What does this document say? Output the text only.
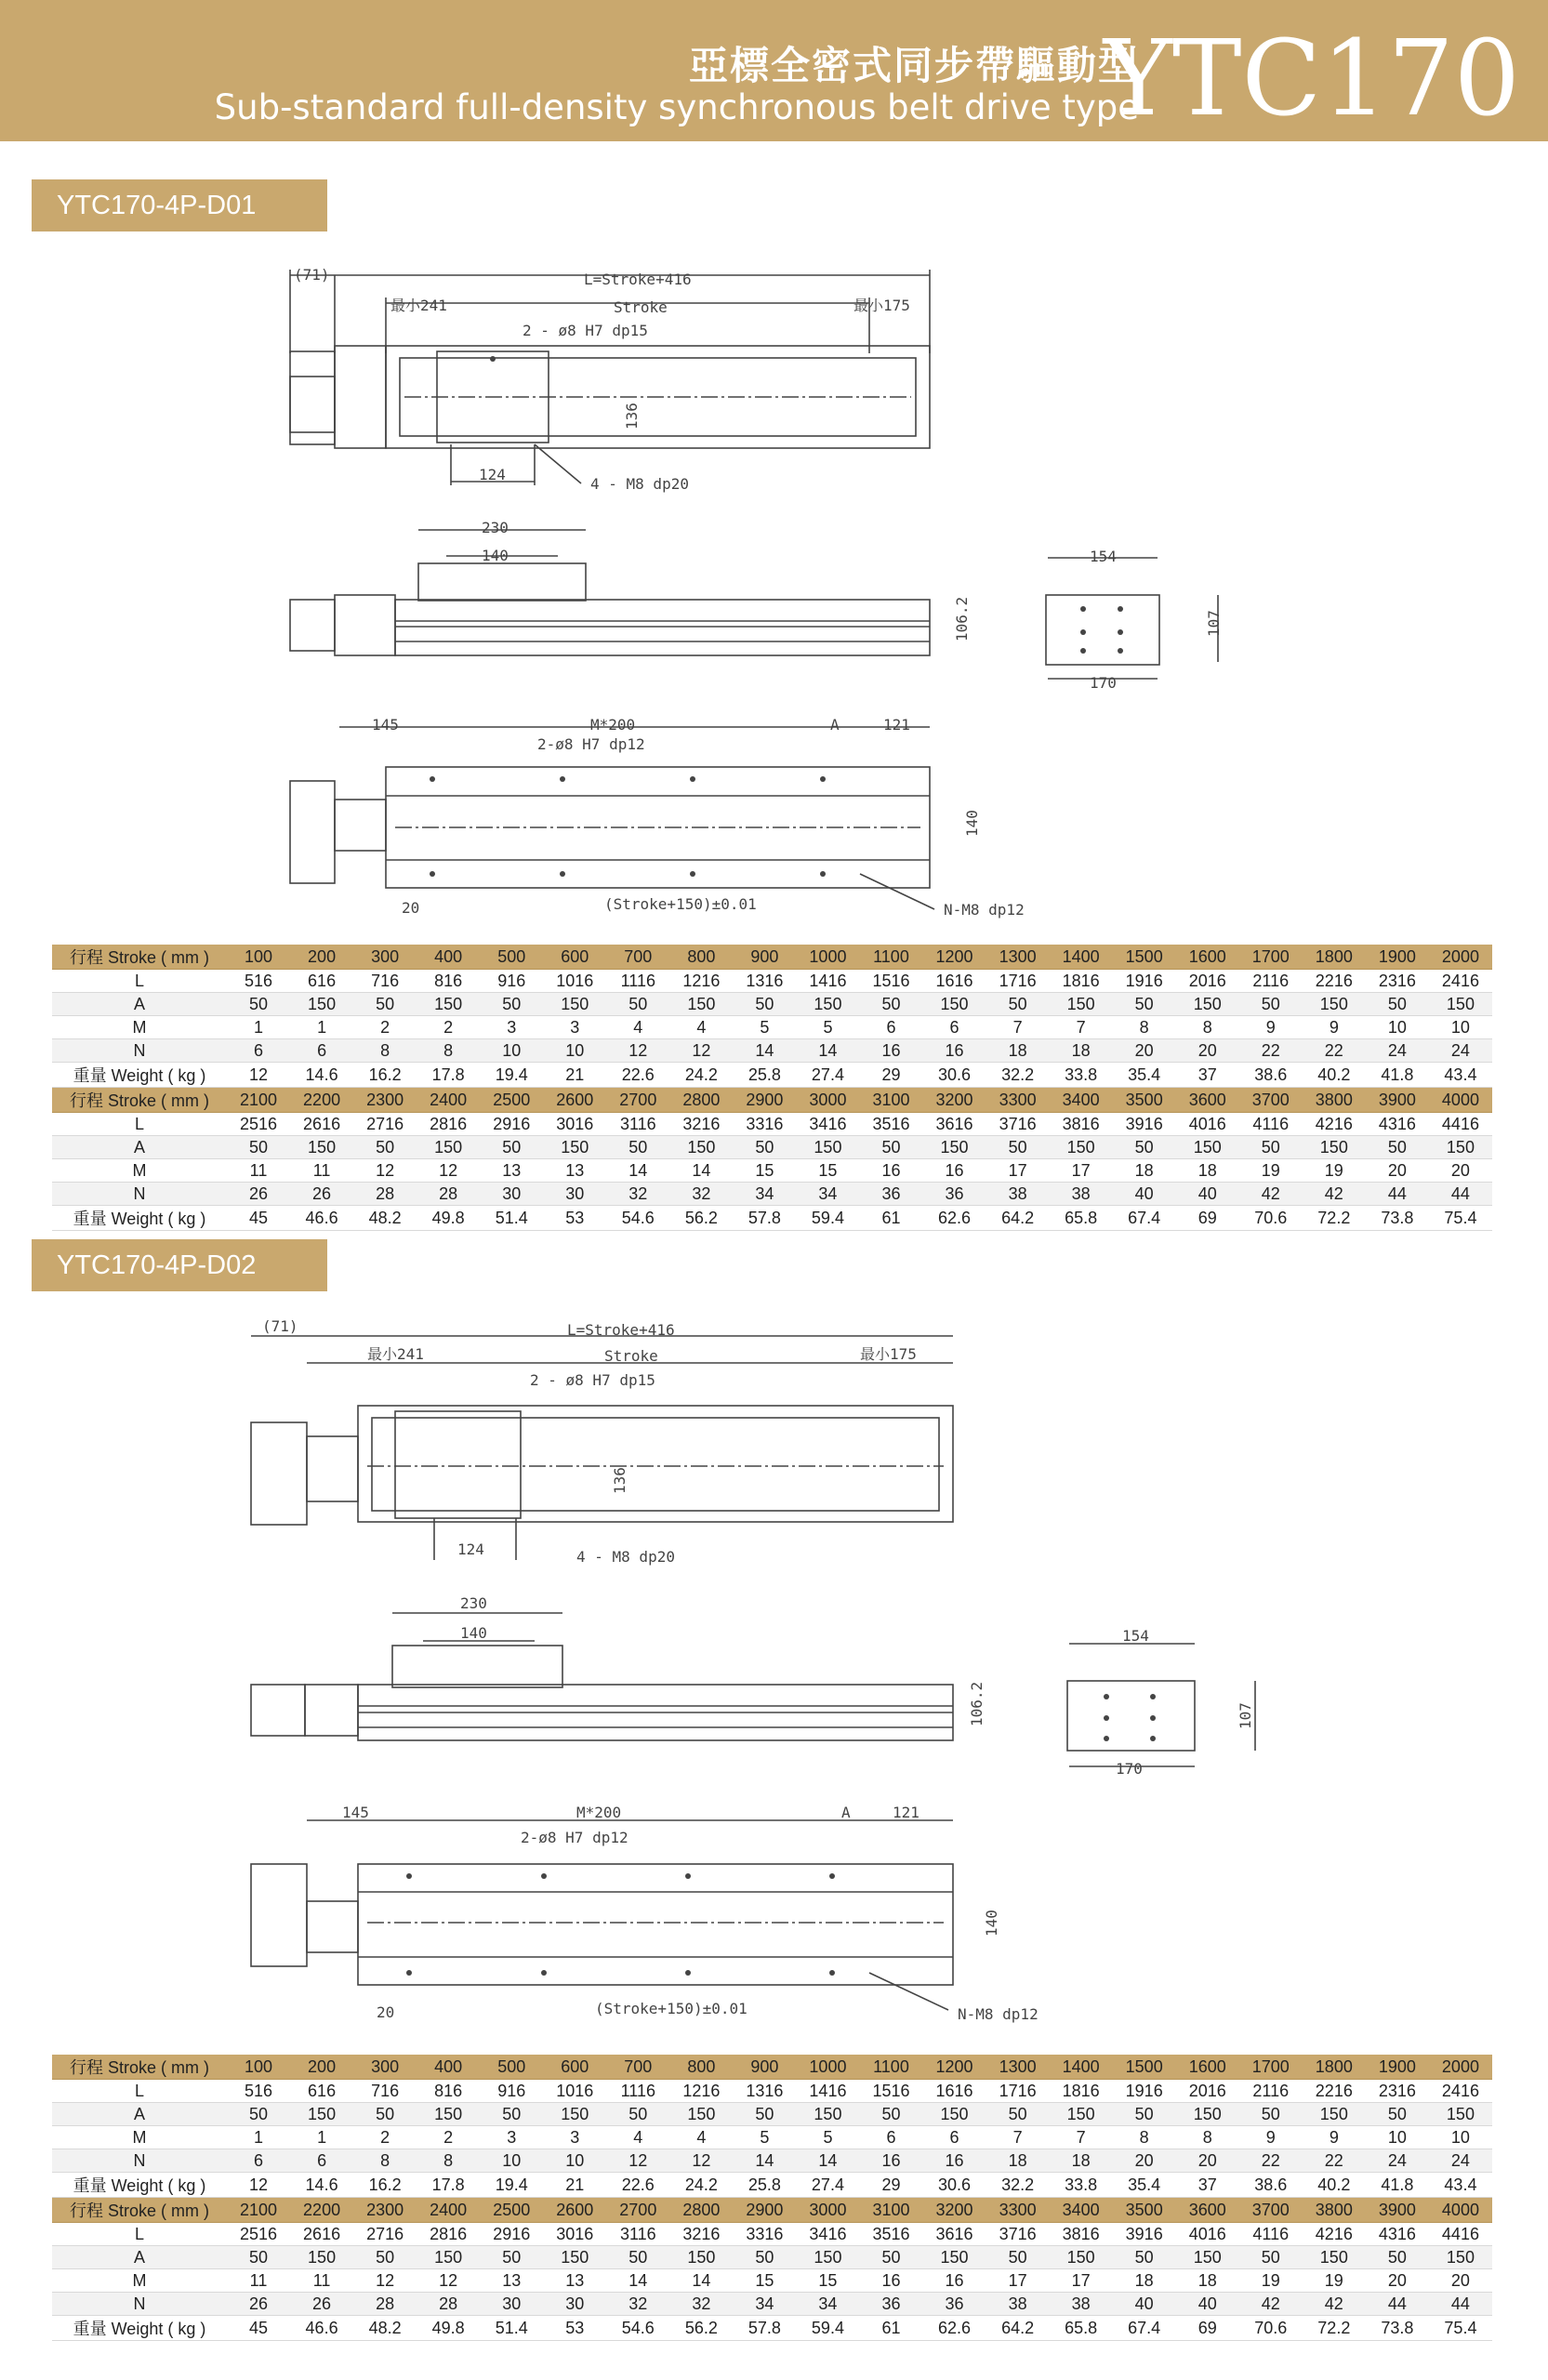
亞標全密式同步帶驅動型
Sub-standard full-density synchronous belt drive type
YTC170
YTC170-4P-D01
(71)	L=Stroke+416
最小241	Stroke	最小175
2 - ø8 H7 dp15
136
124
4 - M8 dp20
230
140
106.2
154
107
170
145	M*200	A	121
2-ø8 H7 dp12
140
20	(Stroke+150)±0.01	N-M8 dp12
行程 Stroke ( mm )	100	200	300	400	500	600	700	800	900	1000	1100	1200	1300	1400	1500	1600	1700	1800	1900	2000
L	516	616	716	816	916	1016	1116	1216	1316	1416	1516	1616	1716	1816	1916	2016	2116	2216	2316	2416
A	50	150	50	150	50	150	50	150	50	150	50	150	50	150	50	150	50	150	50	150
M	1	1	2	2	3	3	4	4	5	5	6	6	7	7	8	8	9	9	10	10
N	6	6	8	8	10	10	12	12	14	14	16	16	18	18	20	20	22	22	24	24
重量 Weight ( kg )	12	14.6	16.2	17.8	19.4	21	22.6	24.2	25.8	27.4	29	30.6	32.2	33.8	35.4	37	38.6	40.2	41.8	43.4
行程 Stroke ( mm )	2100	2200	2300	2400	2500	2600	2700	2800	2900	3000	3100	3200	3300	3400	3500	3600	3700	3800	3900	4000
L	2516	2616	2716	2816	2916	3016	3116	3216	3316	3416	3516	3616	3716	3816	3916	4016	4116	4216	4316	4416
A	50	150	50	150	50	150	50	150	50	150	50	150	50	150	50	150	50	150	50	150
M	11	11	12	12	13	13	14	14	15	15	16	16	17	17	18	18	19	19	20	20
N	26	26	28	28	30	30	32	32	34	34	36	36	38	38	40	40	42	42	44	44
重量 Weight ( kg )	45	46.6	48.2	49.8	51.4	53	54.6	56.2	57.8	59.4	61	62.6	64.2	65.8	67.4	69	70.6	72.2	73.8	75.4
YTC170-4P-D02
(71)	L=Stroke+416
最小241	Stroke	最小175
2 - ø8 H7 dp15
136
124	4 - M8 dp20
230
140
106.2
154
107
170
145	M*200	A	121
2-ø8 H7 dp12
140
20	(Stroke+150)±0.01	N-M8 dp12
行程 Stroke ( mm )	100	200	300	400	500	600	700	800	900	1000	1100	1200	1300	1400	1500	1600	1700	1800	1900	2000
L	516	616	716	816	916	1016	1116	1216	1316	1416	1516	1616	1716	1816	1916	2016	2116	2216	2316	2416
A	50	150	50	150	50	150	50	150	50	150	50	150	50	150	50	150	50	150	50	150
M	1	1	2	2	3	3	4	4	5	5	6	6	7	7	8	8	9	9	10	10
N	6	6	8	8	10	10	12	12	14	14	16	16	18	18	20	20	22	22	24	24
重量 Weight ( kg )	12	14.6	16.2	17.8	19.4	21	22.6	24.2	25.8	27.4	29	30.6	32.2	33.8	35.4	37	38.6	40.2	41.8	43.4
行程 Stroke ( mm )	2100	2200	2300	2400	2500	2600	2700	2800	2900	3000	3100	3200	3300	3400	3500	3600	3700	3800	3900	4000
L	2516	2616	2716	2816	2916	3016	3116	3216	3316	3416	3516	3616	3716	3816	3916	4016	4116	4216	4316	4416
A	50	150	50	150	50	150	50	150	50	150	50	150	50	150	50	150	50	150	50	150
M	11	11	12	12	13	13	14	14	15	15	16	16	17	17	18	18	19	19	20	20
N	26	26	28	28	30	30	32	32	34	34	36	36	38	38	40	40	42	42	44	44
重量 Weight ( kg )	45	46.6	48.2	49.8	51.4	53	54.6	56.2	57.8	59.4	61	62.6	64.2	65.8	67.4	69	70.6	72.2	73.8	75.4
